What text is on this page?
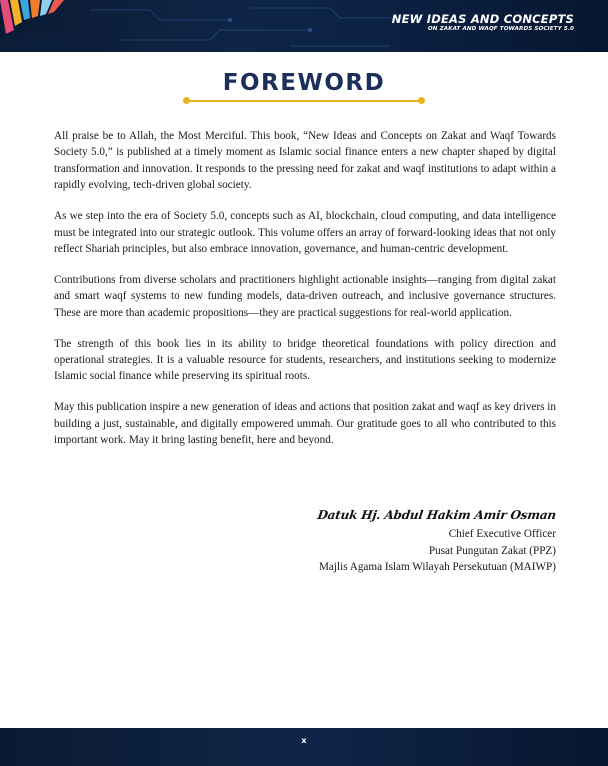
NEW IDEAS AND CONCEPTS
ON ZAKAT AND WAQF TOWARDS SOCIETY 5.0
FOREWORD

All praise be to Allah, the Most Merciful. This book, “New Ideas and Concepts on Zakat and Waqf Towards Society 5.0,” is published at a timely moment as Islamic social finance enters a new chapter shaped by digital transformation and innovation. It responds to the pressing need for zakat and waqf institutions to adapt within a rapidly evolving, tech-driven global society.

As we step into the era of Society 5.0, concepts such as AI, blockchain, cloud computing, and data intelligence must be integrated into our strategic outlook. This volume offers an array of forward-looking ideas that not only reflect Shariah principles, but also embrace innovation, governance, and human-centric development.

Contributions from diverse scholars and practitioners highlight actionable insights—ranging from digital zakat and smart waqf systems to new funding models, data-driven outreach, and inclusive governance structures. These are more than academic propositions—they are practical suggestions for real-world application.

The strength of this book lies in its ability to bridge theoretical foundations with policy direction and operational strategies. It is a valuable resource for students, researchers, and institutions seeking to modernize Islamic social finance while preserving its spiritual roots.

May this publication inspire a new generation of ideas and actions that position zakat and waqf as key drivers in building a just, sustainable, and digitally empowered ummah. Our gratitude goes to all who contributed to this important work. May it bring lasting benefit, here and beyond.

Datuk Hj. Abdul Hakim Amir Osman
Chief Executive Officer
Pusat Pungutan Zakat (PPZ)
Majlis Agama Islam Wilayah Persekutuan (MAIWP)
x
